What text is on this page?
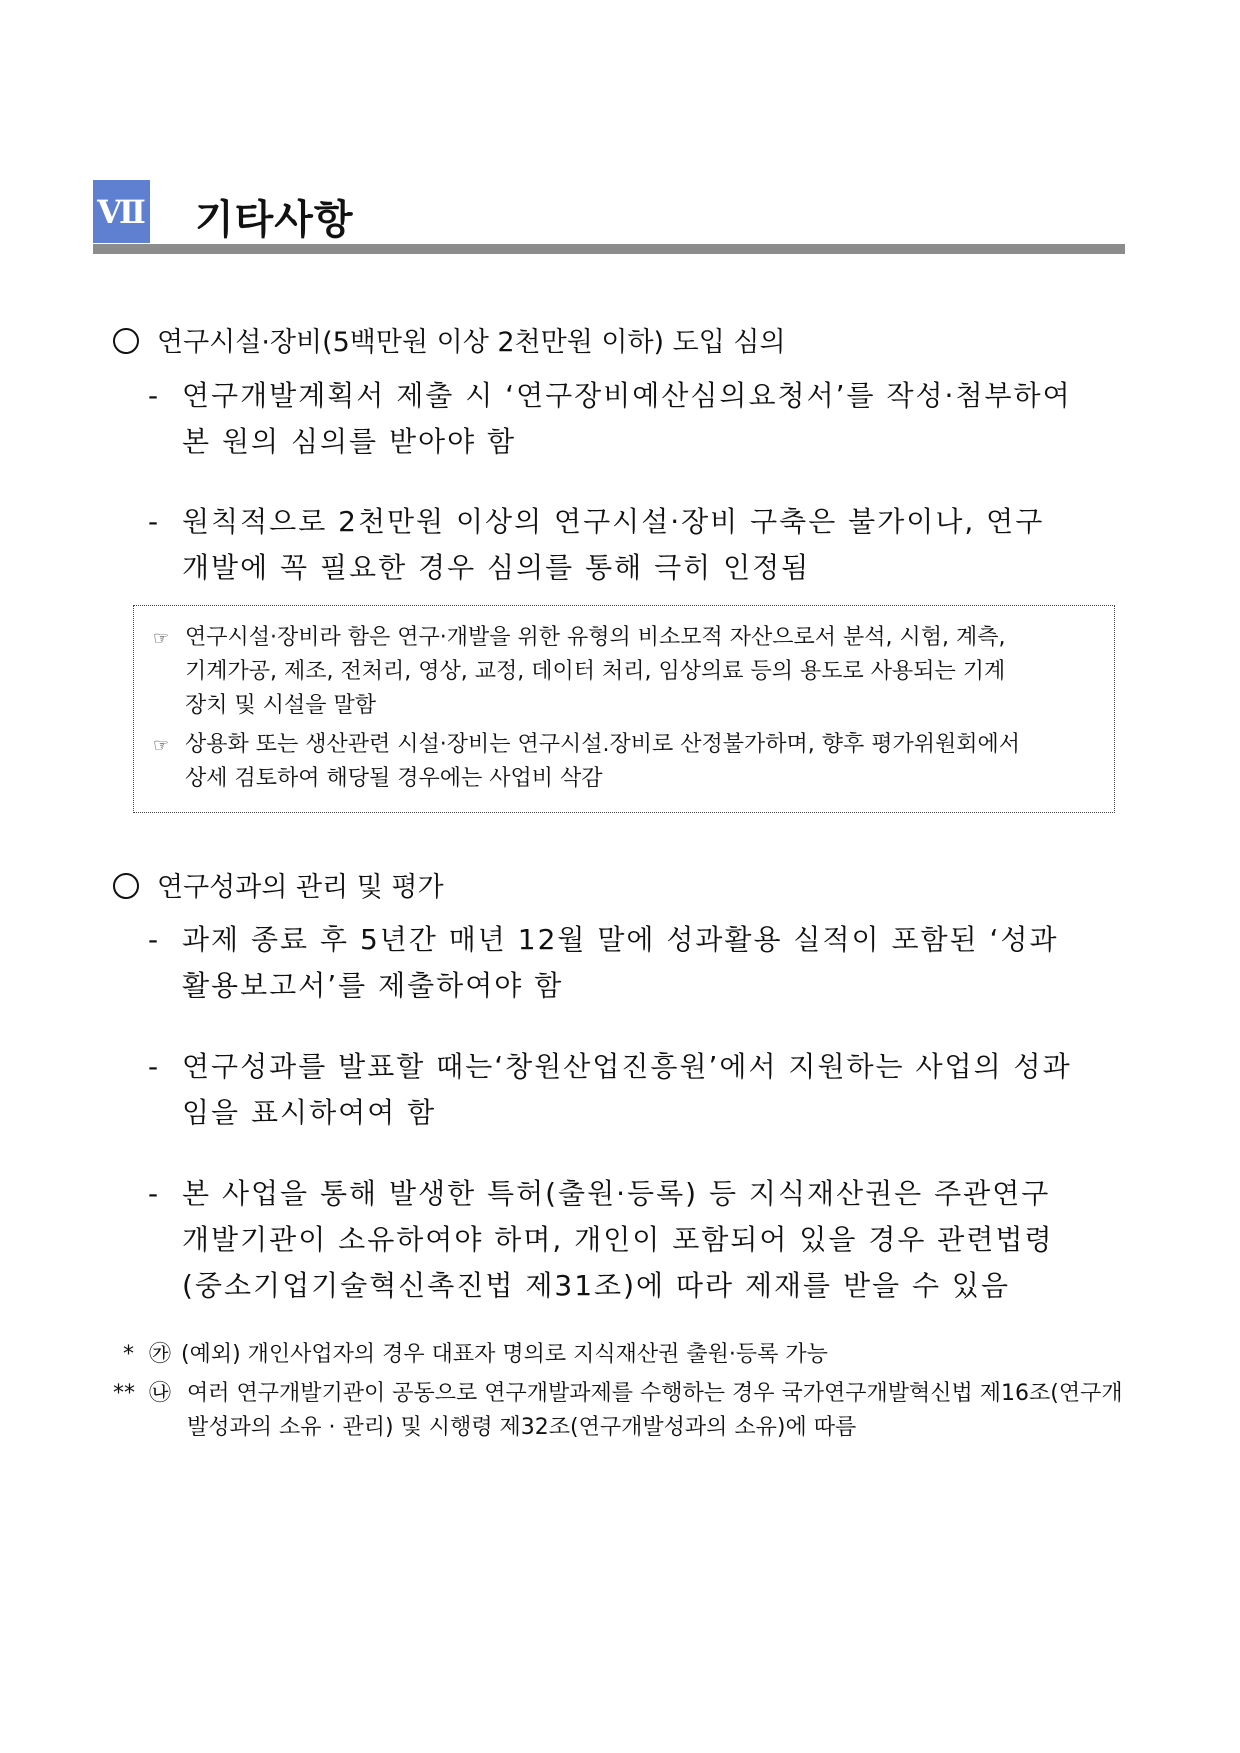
Ⅶ 기타사항
연구시설·장비(5백만원 이상 2천만원 이하) 도입 심의
- 연구개발계획서 제출 시 ‘연구장비예산심의요청서’를 작성·첨부하여
본 원의 심의를 받아야 함
- 원칙적으로 2천만원 이상의 연구시설·장비 구축은 불가이나, 연구
개발에 꼭 필요한 경우 심의를 통해 극히 인정됨
☞ 연구시설·장비라 함은 연구·개발을 위한 유형의 비소모적 자산으로서 분석, 시험, 계측,
기계가공, 제조, 전처리, 영상, 교정, 데이터 처리, 임상의료 등의 용도로 사용되는 기계
장치 및 시설을 말함
☞ 상용화 또는 생산관련 시설·장비는 연구시설.장비로 산정불가하며, 향후 평가위원회에서
상세 검토하여 해당될 경우에는 사업비 삭감
연구성과의 관리 및 평가
- 과제 종료 후 5년간 매년 12월 말에 성과활용 실적이 포함된 ‘성과
활용보고서’를 제출하여야 함
- 연구성과를 발표할 때는‘창원산업진흥원’에서 지원하는 사업의 성과
임을 표시하여여 함
- 본 사업을 통해 발생한 특허(출원·등록) 등 지식재산권은 주관연구
개발기관이 소유하여야 하며, 개인이 포함되어 있을 경우 관련법령
(중소기업기술혁신촉진법 제31조)에 따라 제재를 받을 수 있음
* ㉮ (예외) 개인사업자의 경우 대표자 명의로 지식재산권 출원·등록 가능
** ㉯ 여러 연구개발기관이 공동으로 연구개발과제를 수행하는 경우 국가연구개발혁신법 제16조(연구개
발성과의 소유 · 관리) 및 시행령 제32조(연구개발성과의 소유)에 따름
